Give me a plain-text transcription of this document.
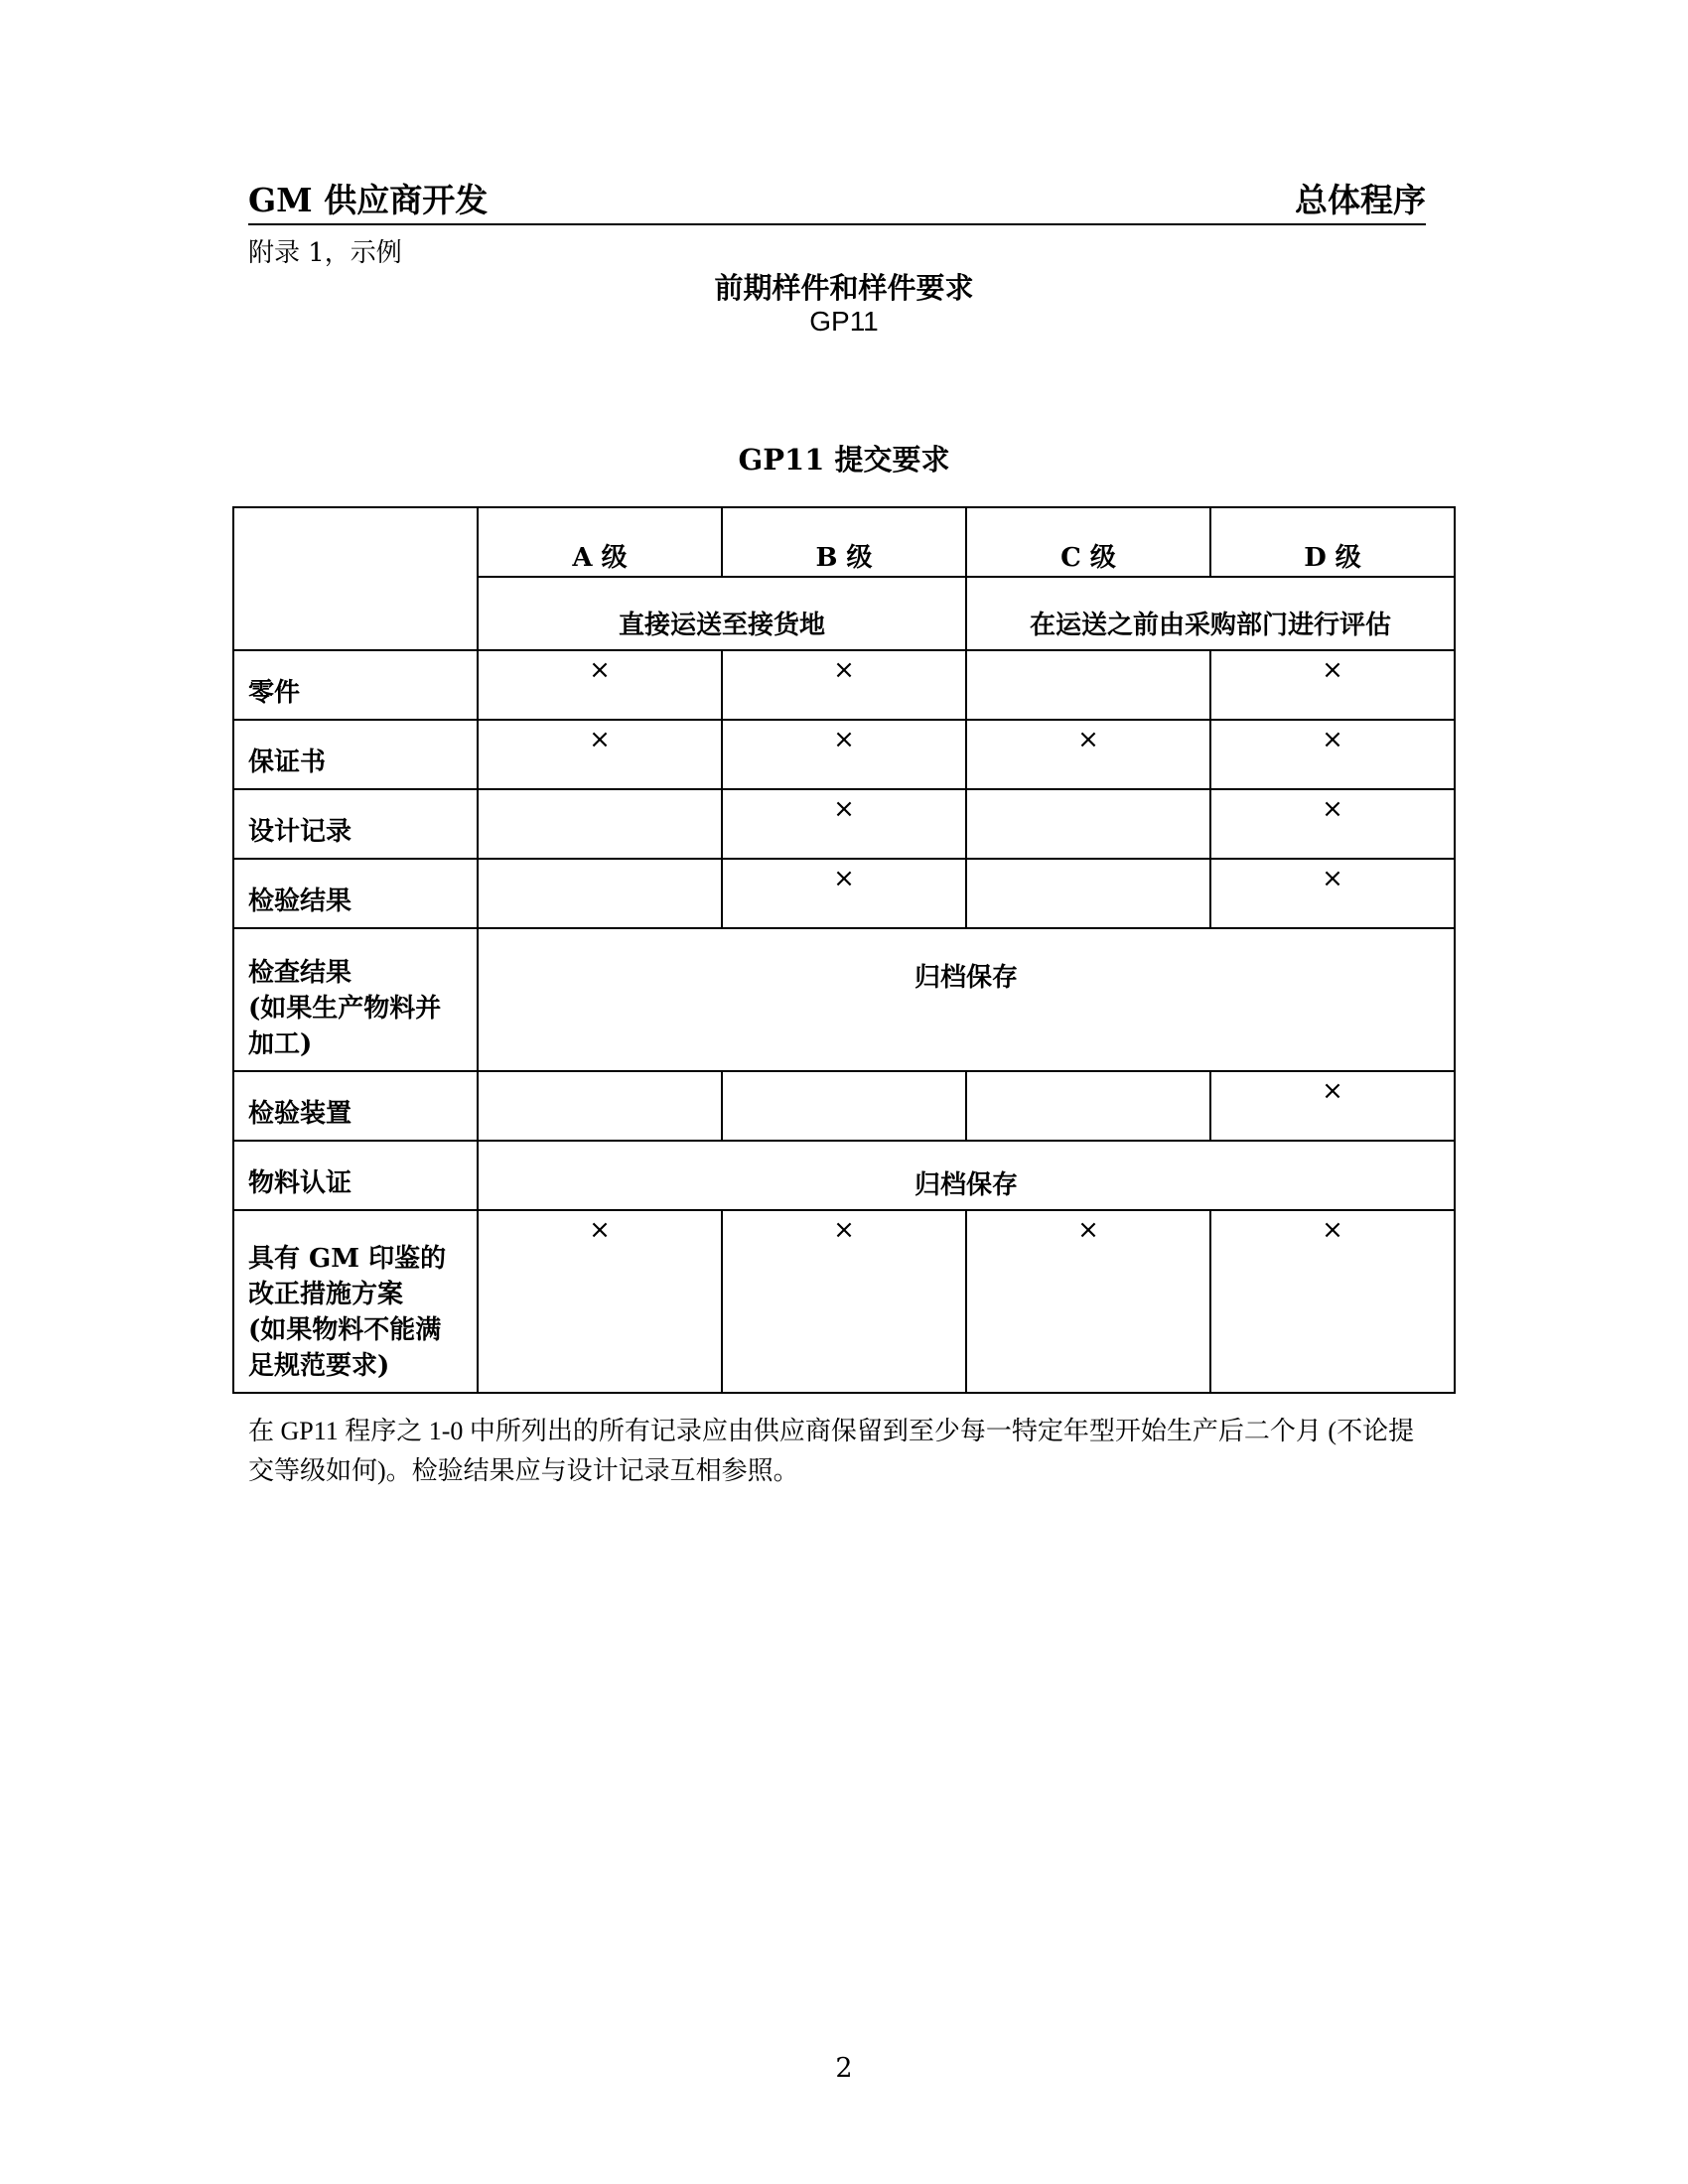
GM 供应商开发	总体程序
附录 1，示例
前期样件和样件要求
GP11
GP11 提交要求
	A 级	B 级	C 级	D 级
	直接运送至接货地		在运送之前由采购部门进行评估	
零件	×	×		×
保证书	×	×	×	×
设计记录		×		×
检验结果		×		×
检查结果
(如果生产物料并
加工)	归档保存			
检验装置				×
物料认证	归档保存			
具有 GM 印鉴的
改正措施方案
(如果物料不能满
足规范要求)	×	×	×	×
在 GP11 程序之 1-0 中所列出的所有记录应由供应商保留到至少每一特定年型开始生产后二个月 (不论提交等级如何)。检验结果应与设计记录互相参照。
2
